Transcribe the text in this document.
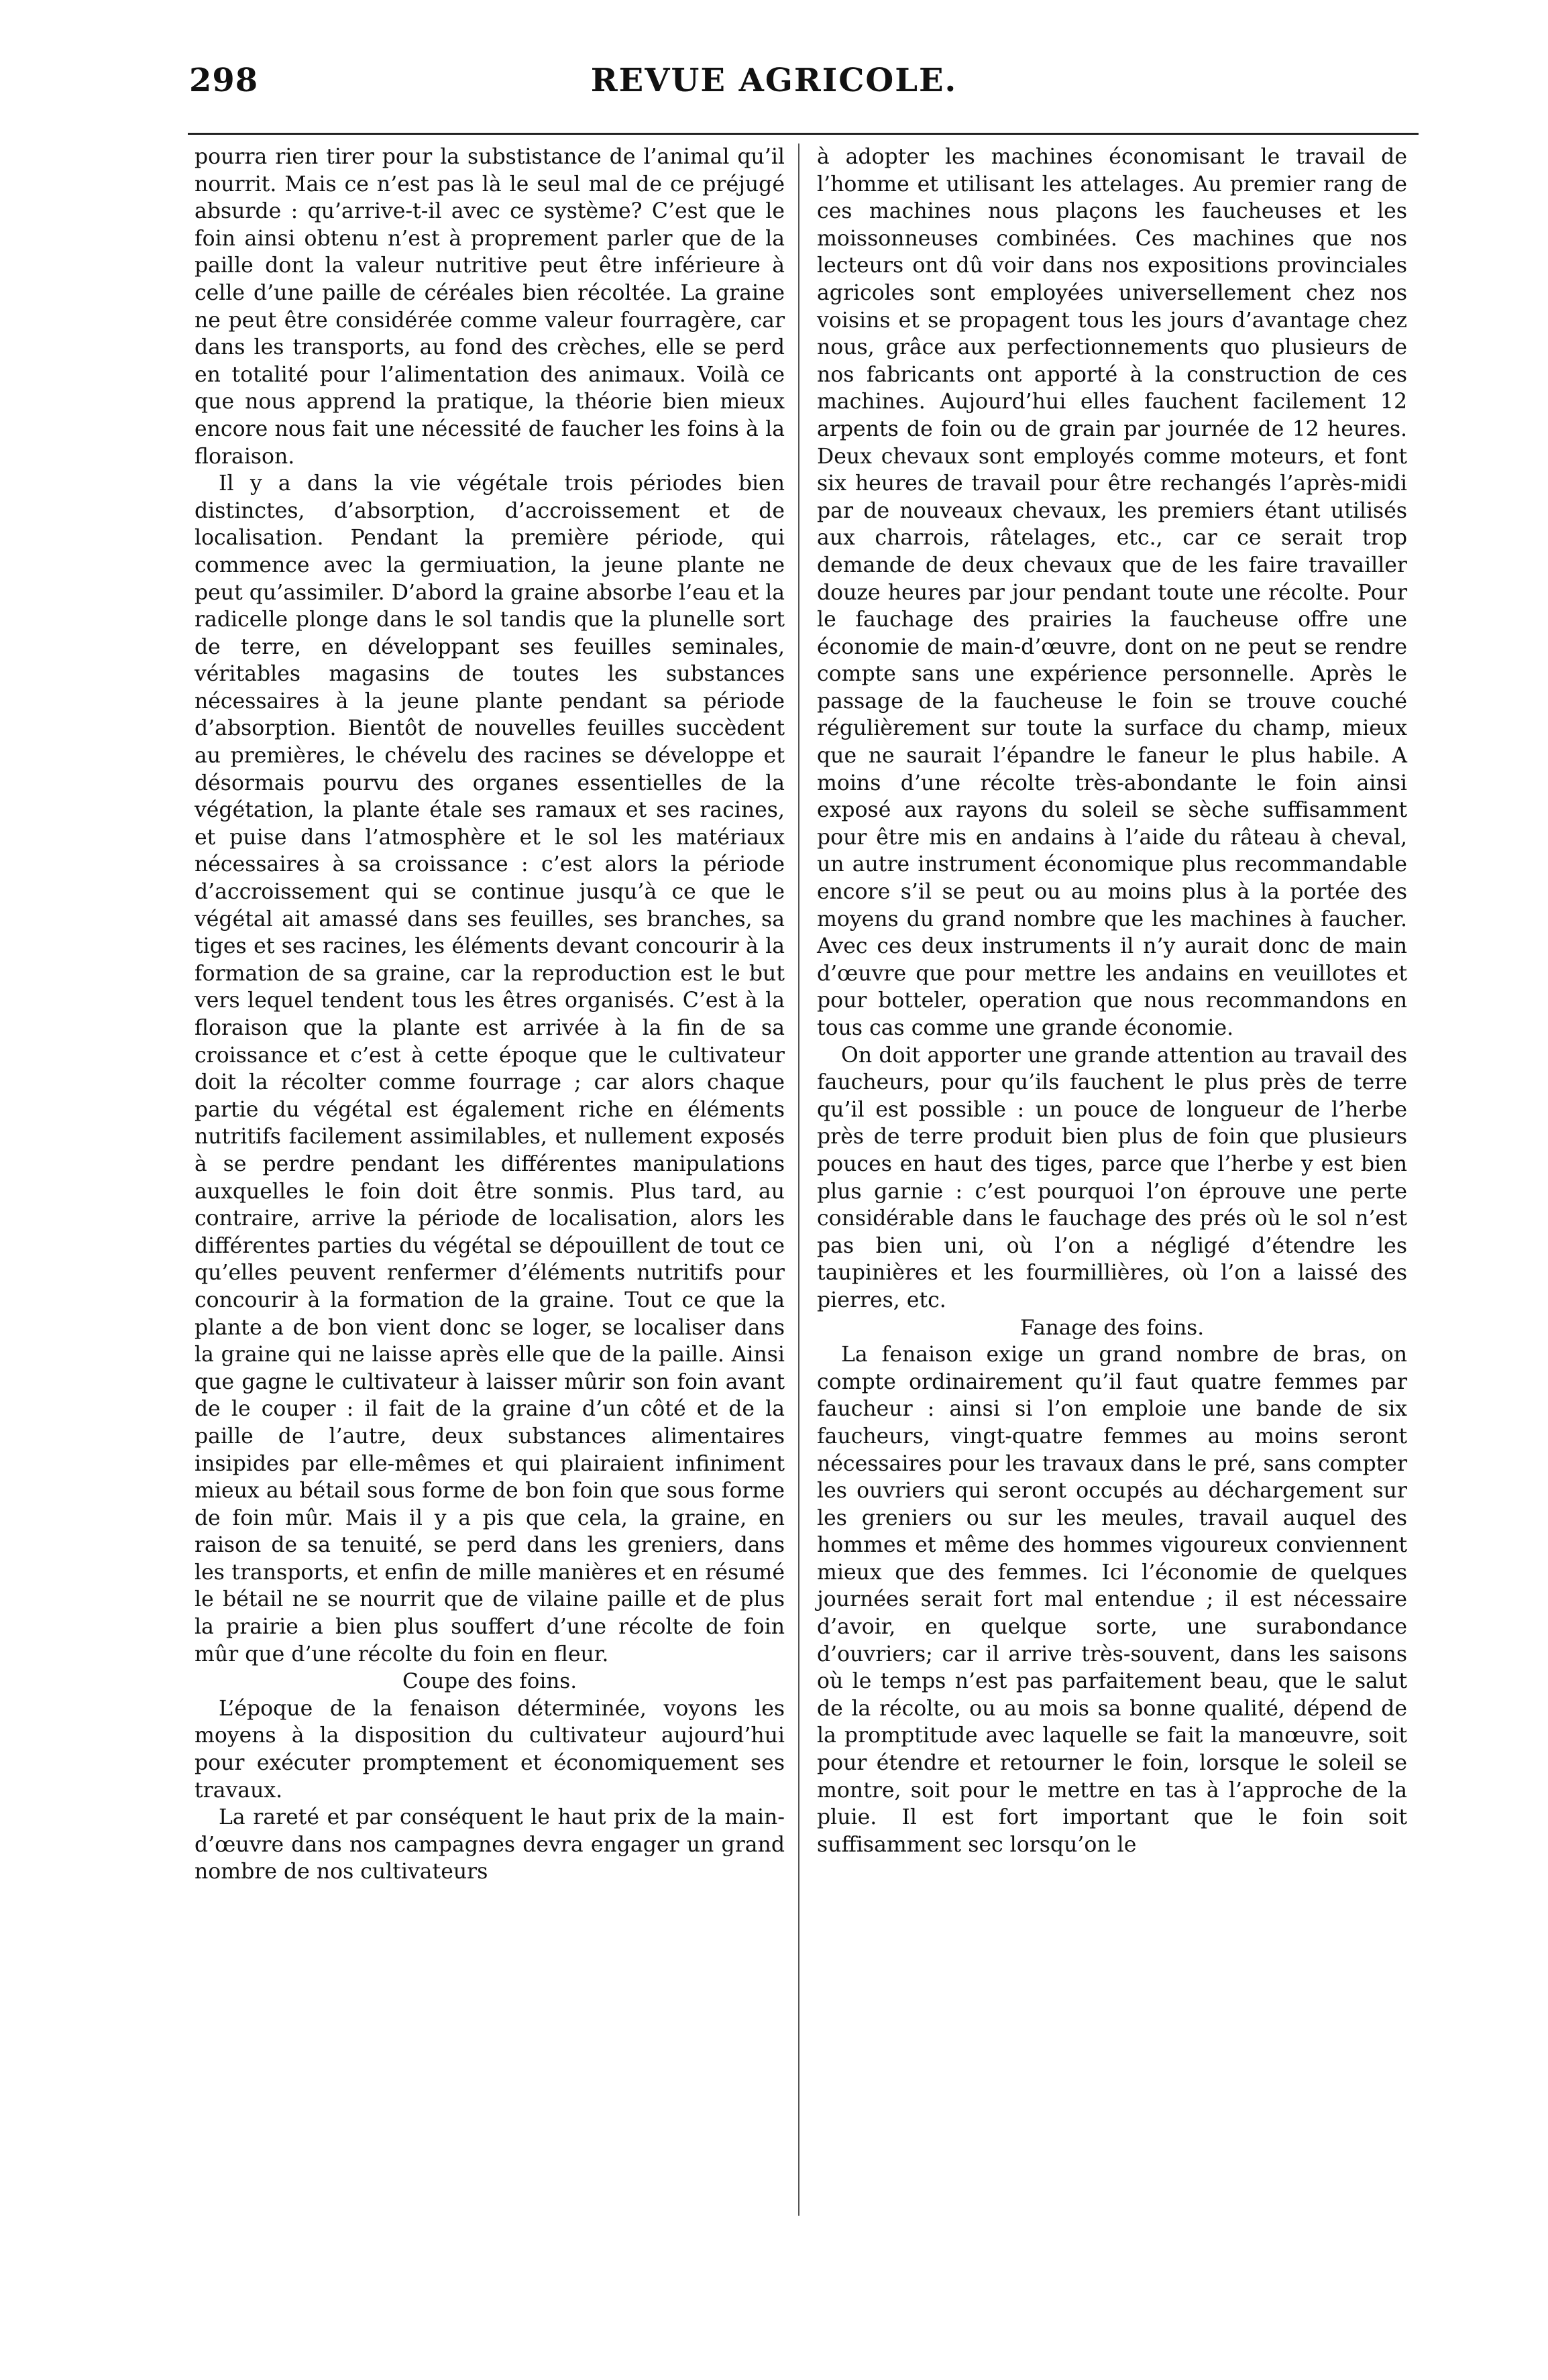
298	REVUE AGRICOLE.

pourra rien tirer pour la substistance de l’animal qu’il nourrit. Mais ce n’est pas là le seul mal de ce préjugé absurde : qu’arrive-t-il avec ce système? C’est que le foin ainsi obtenu n’est à proprement parler que de la paille dont la valeur nutritive peut être inférieure à celle d’une paille de céréales bien récoltée. La graine ne peut être considérée comme valeur fourragère, car dans les transports, au fond des crèches, elle se perd en totalité pour l’alimentation des animaux. Voilà ce que nous apprend la pratique, la théorie bien mieux encore nous fait une nécessité de faucher les foins à la floraison.

Il y a dans la vie végétale trois périodes bien distinctes, d’absorption, d’accroissement et de localisation. Pendant la première période, qui commence avec la germiuation, la jeune plante ne peut qu’assimiler. D’abord la graine absorbe l’eau et la radicelle plonge dans le sol tandis que la plunelle sort de terre, en développant ses feuilles seminales, véritables magasins de toutes les substances nécessaires à la jeune plante pendant sa période d’absorption. Bientôt de nouvelles feuilles succèdent au premières, le chévelu des racines se développe et désormais pourvu des organes essentielles de la végétation, la plante étale ses ramaux et ses racines, et puise dans l’atmosphère et le sol les matériaux nécessaires à sa croissance : c’est alors la période d’accroissement qui se continue jusqu’à ce que le végétal ait amassé dans ses feuilles, ses branches, sa tiges et ses racines, les éléments devant concourir à la formation de sa graine, car la reproduction est le but vers lequel tendent tous les êtres organisés. C’est à la floraison que la plante est arrivée à la fin de sa croissance et c’est à cette époque que le cultivateur doit la récolter comme fourrage ; car alors chaque partie du végétal est également riche en éléments nutritifs facilement assimilables, et nullement exposés à se perdre pendant les différentes manipulations auxquelles le foin doit être sonmis. Plus tard, au contraire, arrive la période de localisation, alors les différentes parties du végétal se dépouillent de tout ce qu’elles peuvent renfermer d’éléments nutritifs pour concourir à la formation de la graine. Tout ce que la plante a de bon vient donc se loger, se localiser dans la graine qui ne laisse après elle que de la paille. Ainsi que gagne le cultivateur à laisser mûrir son foin avant de le couper : il fait de la graine d’un côté et de la paille de l’autre, deux substances alimentaires insipides par elle-mêmes et qui plairaient infiniment mieux au bétail sous forme de bon foin que sous forme de foin mûr. Mais il y a pis que cela, la graine, en raison de sa tenuité, se perd dans les greniers, dans les transports, et enfin de mille manières et en résumé le bétail ne se nourrit que de vilaine paille et de plus la prairie a bien plus souffert d’une récolte de foin mûr que d’une récolte du foin en fleur.

Coupe des foins.

L’époque de la fenaison déterminée, voyons les moyens à la disposition du cultivateur aujourd’hui pour exécuter promptement et économiquement ses travaux.

La rareté et par conséquent le haut prix de la main-d’œuvre dans nos campagnes devra engager un grand nombre de nos cultivateurs

à adopter les machines économisant le travail de l’homme et utilisant les attelages. Au premier rang de ces machines nous plaçons les faucheuses et les moissonneuses combinées. Ces machines que nos lecteurs ont dû voir dans nos expositions provinciales agricoles sont employées universellement chez nos voisins et se propagent tous les jours d’avantage chez nous, grâce aux perfectionnements quo plusieurs de nos fabricants ont apporté à la construction de ces machines. Aujourd’hui elles fauchent facilement 12 arpents de foin ou de grain par journée de 12 heures. Deux chevaux sont employés comme moteurs, et font six heures de travail pour être rechangés l’après-midi par de nouveaux chevaux, les premiers étant utilisés aux charrois, râtelages, etc., car ce serait trop demande de deux chevaux que de les faire travailler douze heures par jour pendant toute une récolte. Pour le fauchage des prairies la faucheuse offre une économie de main-d’œuvre, dont on ne peut se rendre compte sans une expérience personnelle. Après le passage de la faucheuse le foin se trouve couché régulièrement sur toute la surface du champ, mieux que ne saurait l’épandre le faneur le plus habile. A moins d’une récolte très-abondante le foin ainsi exposé aux rayons du soleil se sèche suffisamment pour être mis en andains à l’aide du râteau à cheval, un autre instrument économique plus recommandable encore s’il se peut ou au moins plus à la portée des moyens du grand nombre que les machines à faucher. Avec ces deux instruments il n’y aurait donc de main d’œuvre que pour mettre les andains en veuillotes et pour botteler, operation que nous recommandons en tous cas comme une grande économie.

On doit apporter une grande attention au travail des faucheurs, pour qu’ils fauchent le plus près de terre qu’il est possible : un pouce de longueur de l’herbe près de terre produit bien plus de foin que plusieurs pouces en haut des tiges, parce que l’herbe y est bien plus garnie : c’est pourquoi l’on éprouve une perte considérable dans le fauchage des prés où le sol n’est pas bien uni, où l’on a négligé d’étendre les taupinières et les fourmillières, où l’on a laissé des pierres, etc.

Fanage des foins.

La fenaison exige un grand nombre de bras, on compte ordinairement qu’il faut quatre femmes par faucheur : ainsi si l’on emploie une bande de six faucheurs, vingt-quatre femmes au moins seront nécessaires pour les travaux dans le pré, sans compter les ouvriers qui seront occupés au déchargement sur les greniers ou sur les meules, travail auquel des hommes et même des hommes vigoureux conviennent mieux que des femmes. Ici l’économie de quelques journées serait fort mal entendue ; il est nécessaire d’avoir, en quelque sorte, une surabondance d’ouvriers; car il arrive très-souvent, dans les saisons où le temps n’est pas parfaitement beau, que le salut de la récolte, ou au mois sa bonne qualité, dépend de la promptitude avec laquelle se fait la manœuvre, soit pour étendre et retourner le foin, lorsque le soleil se montre, soit pour le mettre en tas à l’approche de la pluie. Il est fort important que le foin soit suffisamment sec lorsqu’on le
